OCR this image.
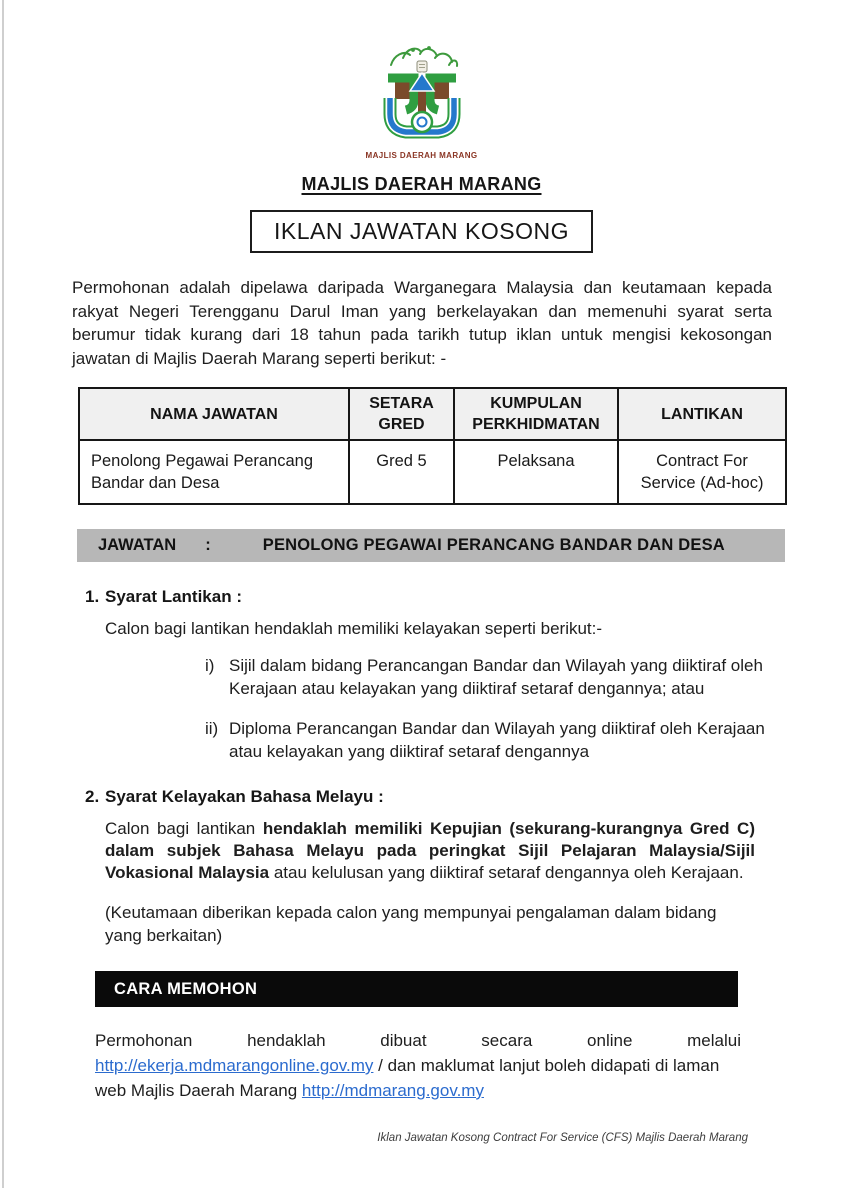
MAJLIS DAERAH MARANG
MAJLIS DAERAH MARANG
IKLAN JAWATAN KOSONG

Permohonan adalah dipelawa daripada Warganegara Malaysia dan keutamaan kepada rakyat Negeri Terengganu Darul Iman yang berkelayakan dan memenuhi syarat serta berumur tidak kurang dari 18 tahun pada tarikh tutup iklan untuk mengisi kekosongan jawatan di Majlis Daerah Marang seperti berikut: -

NAMA JAWATAN	SETARA GRED	KUMPULAN PERKHIDMATAN	LANTIKAN
Penolong Pegawai Perancang Bandar dan Desa	Gred 5	Pelaksana	Contract For Service (Ad-hoc)
JAWATAN :	PENOLONG PEGAWAI PERANCANG BANDAR DAN DESA
1. Syarat Lantikan :
Calon bagi lantikan hendaklah memiliki kelayakan seperti berikut:-
i) Sijil dalam bidang Perancangan Bandar dan Wilayah yang diiktiraf oleh Kerajaan atau kelayakan yang diiktiraf setaraf dengannya; atau
ii) Diploma Perancangan Bandar dan Wilayah yang diiktiraf oleh Kerajaan atau kelayakan yang diiktiraf setaraf dengannya
2. Syarat Kelayakan Bahasa Melayu :

Calon bagi lantikan hendaklah memiliki Kepujian (sekurang-kurangnya Gred C) dalam subjek Bahasa Melayu pada peringkat Sijil Pelajaran Malaysia/Sijil Vokasional Malaysia atau kelulusan yang diiktiraf setaraf dengannya oleh Kerajaan.

(Keutamaan diberikan kepada calon yang mempunyai pengalaman dalam bidang yang berkaitan)

CARA MEMOHON

Permohonan hendaklah dibuat secara online melalui
http://ekerja.mdmarangonline.gov.my / dan maklumat lanjut boleh didapati di laman
web Majlis Daerah Marang http://mdmarang.gov.my

Iklan Jawatan Kosong Contract For Service (CFS) Majlis Daerah Marang
